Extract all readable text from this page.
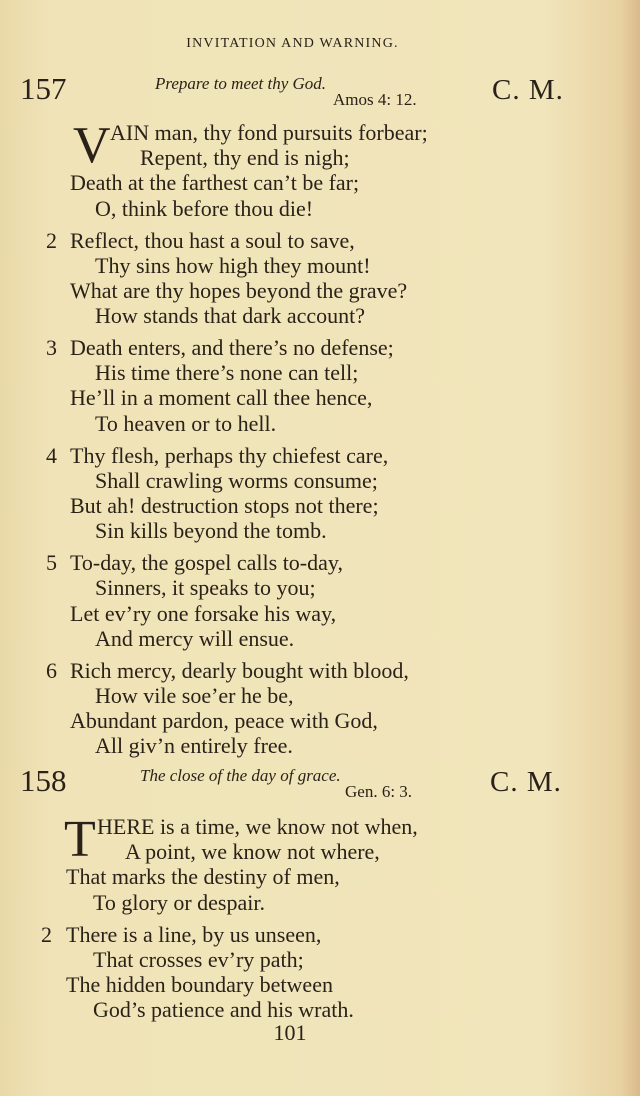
INVITATION AND WARNING.
157	Prepare to meet thy God.
Amos 4: 12.	C. M.
V AIN man, thy fond pursuits forbear;
Repent, thy end is nigh;
Death at the farthest can’t be far;
O, think before thou die!
2 Reflect, thou hast a soul to save,
Thy sins how high they mount!
What are thy hopes beyond the grave?
How stands that dark account?
3 Death enters, and there’s no defense;
His time there’s none can tell;
He’ll in a moment call thee hence,
To heaven or to hell.
4 Thy flesh, perhaps thy chiefest care,
Shall crawling worms consume;
But ah! destruction stops not there;
Sin kills beyond the tomb.
5 To-day, the gospel calls to-day,
Sinners, it speaks to you;
Let ev’ry one forsake his way,
And mercy will ensue.
6 Rich mercy, dearly bought with blood,
How vile soe’er he be,
Abundant pardon, peace with God,
All giv’n entirely free.
158	The close of the day of grace.
Gen. 6: 3.	C. M.
T HERE is a time, we know not when,
A point, we know not where,
That marks the destiny of men,
To glory or despair.
2 There is a line, by us unseen,
That crosses ev’ry path;
The hidden boundary between
God’s patience and his wrath.
101
